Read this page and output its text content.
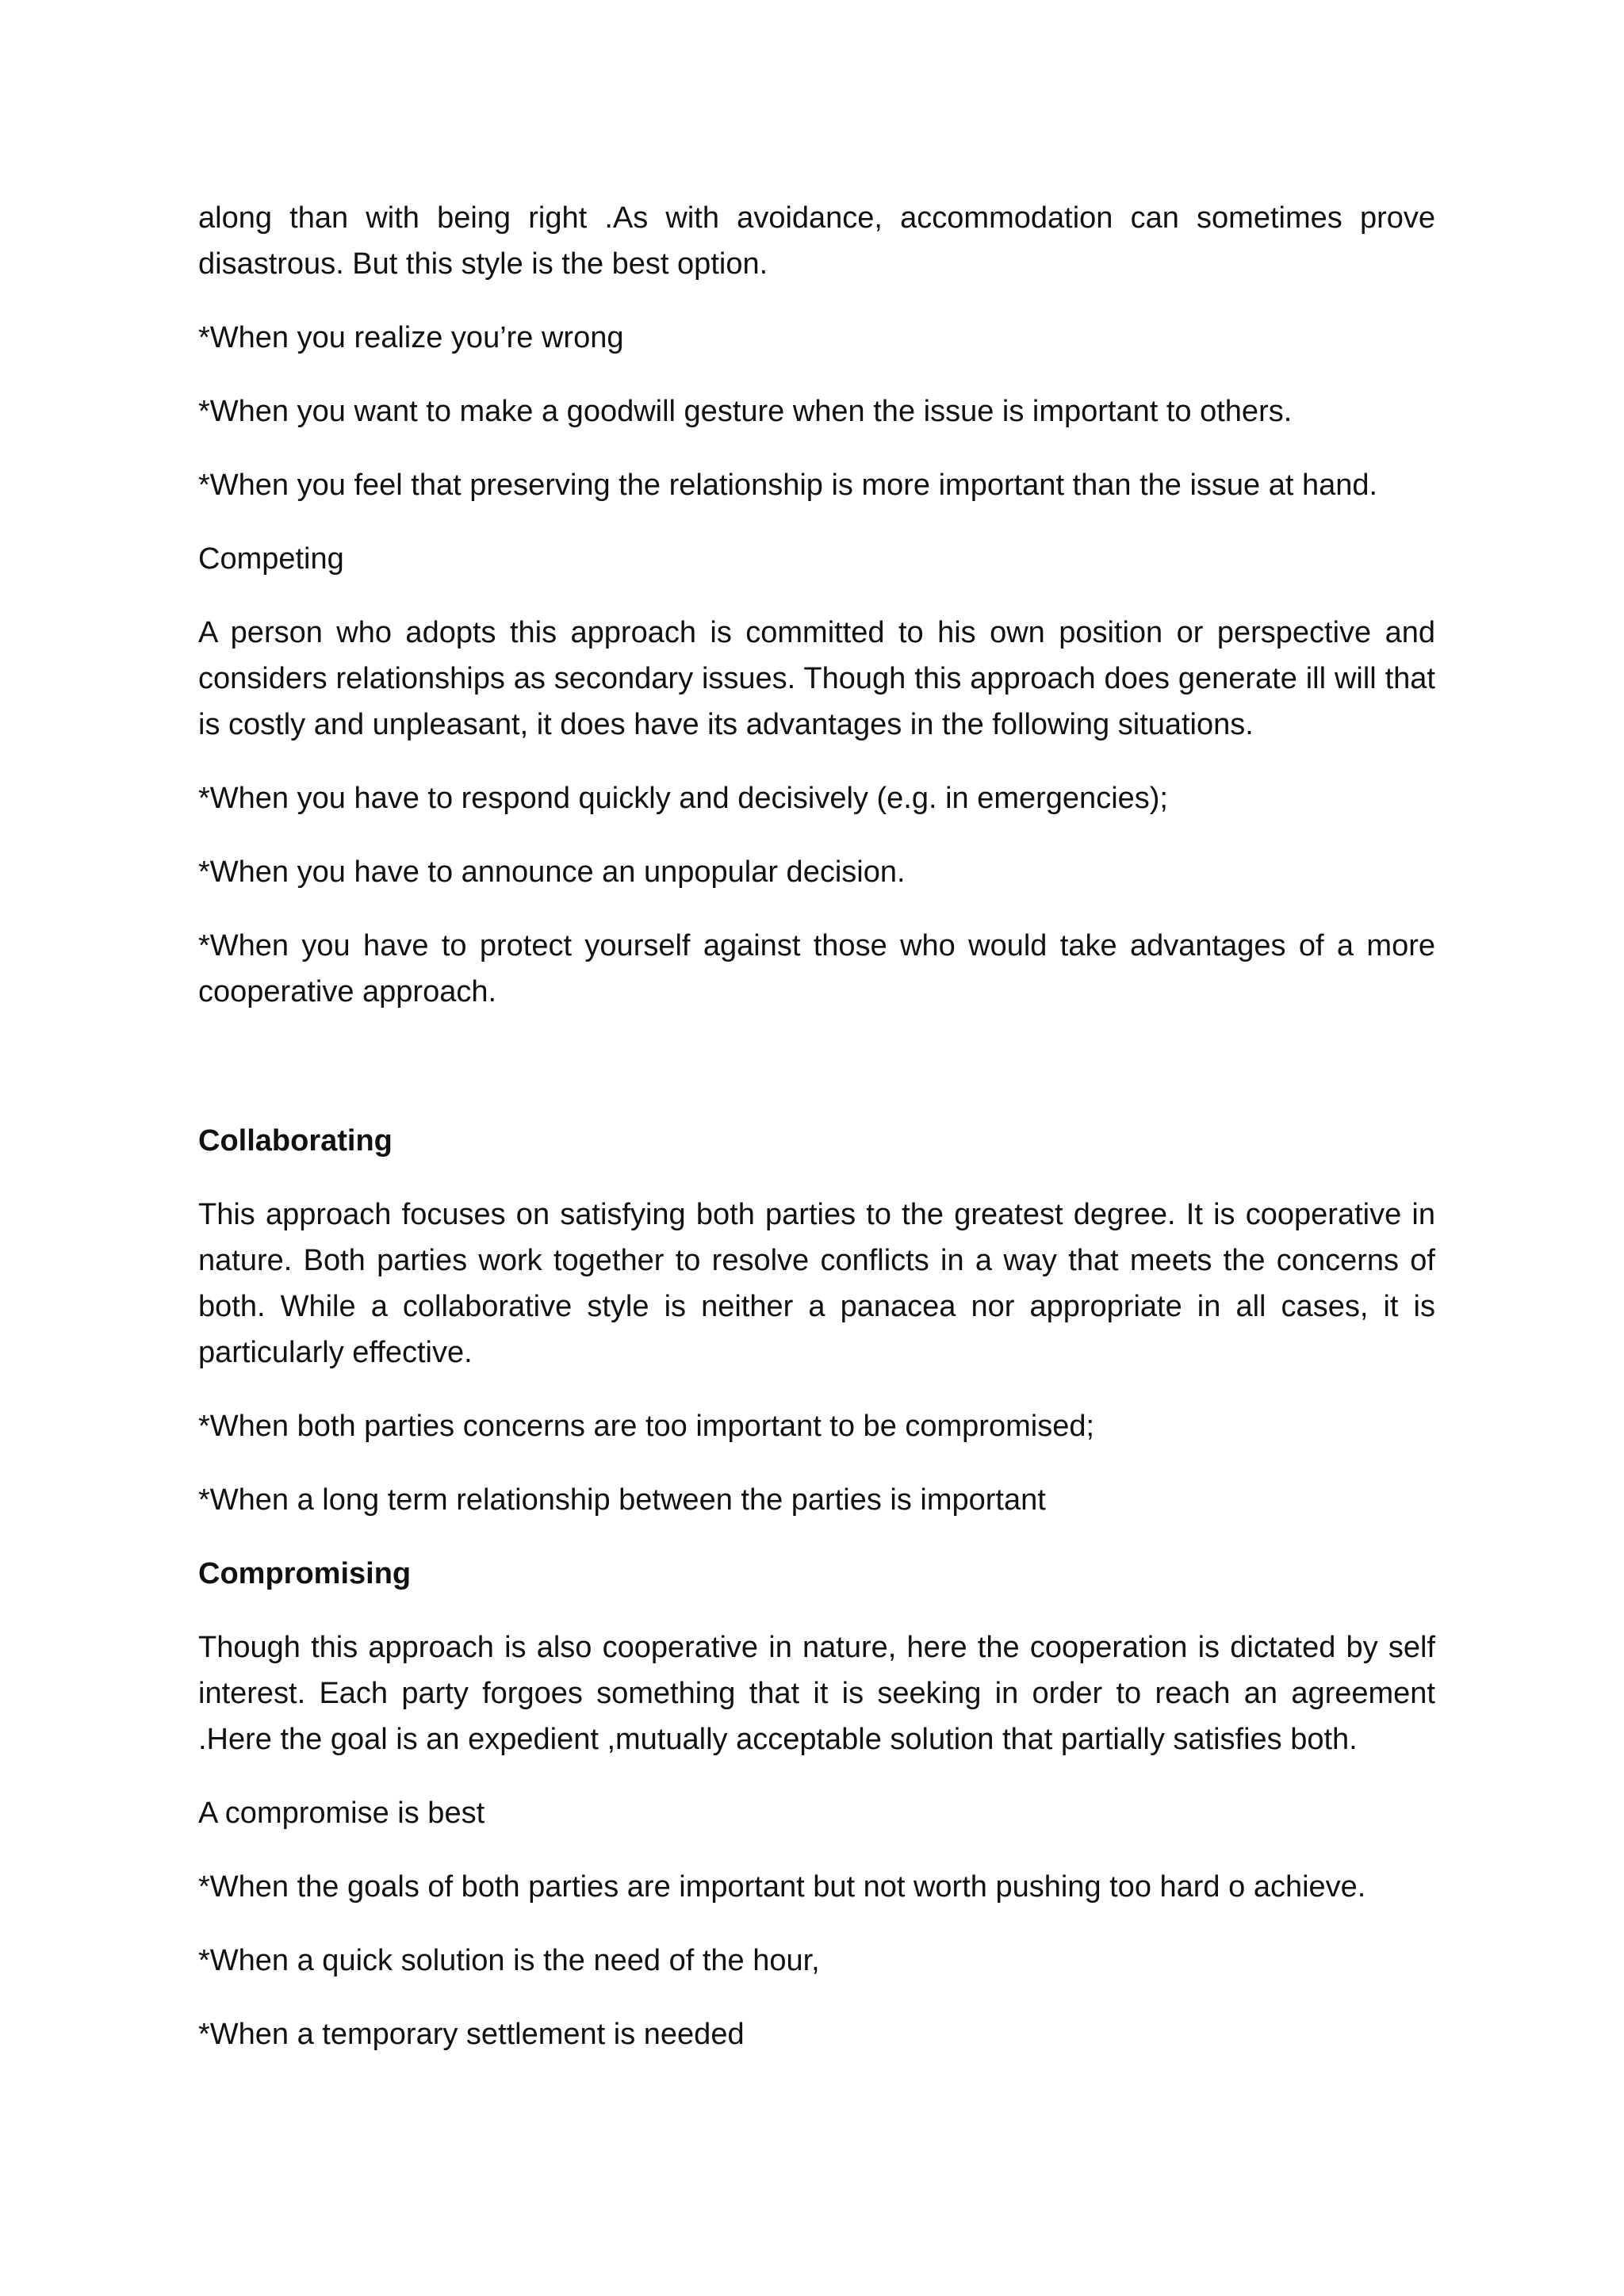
along than with being right .As with avoidance, accommodation can sometimes prove disastrous. But this style is the best option.

*When you realize you’re wrong

*When you want to make a goodwill gesture when the issue is important to others.

*When you feel that preserving the relationship is more important than the issue at hand.

Competing

A person who adopts this approach is committed to his own position or perspective and considers relationships as secondary issues. Though this approach does generate ill will that is costly and unpleasant, it does have its advantages in the following situations.

*When you have to respond quickly and decisively (e.g. in emergencies);

*When you have to announce an unpopular decision.

*When you have to protect yourself against those who would take advantages of a more cooperative approach.

Collaborating

This approach focuses on satisfying both parties to the greatest degree. It is cooperative in nature. Both parties work together to resolve conflicts in a way that meets the concerns of both. While a collaborative style is neither a panacea nor appropriate in all cases, it is particularly effective.

*When both parties concerns are too important to be compromised;

*When a long term relationship between the parties is important

Compromising

Though this approach is also cooperative in nature, here the cooperation is dictated by self interest. Each party forgoes something that it is seeking in order to reach an agreement .Here the goal is an expedient ,mutually acceptable solution that partially satisfies both.

A compromise is best

*When the goals of both parties are important but not worth pushing too hard o achieve.

*When a quick solution is the need of the hour,

*When a temporary settlement is needed
